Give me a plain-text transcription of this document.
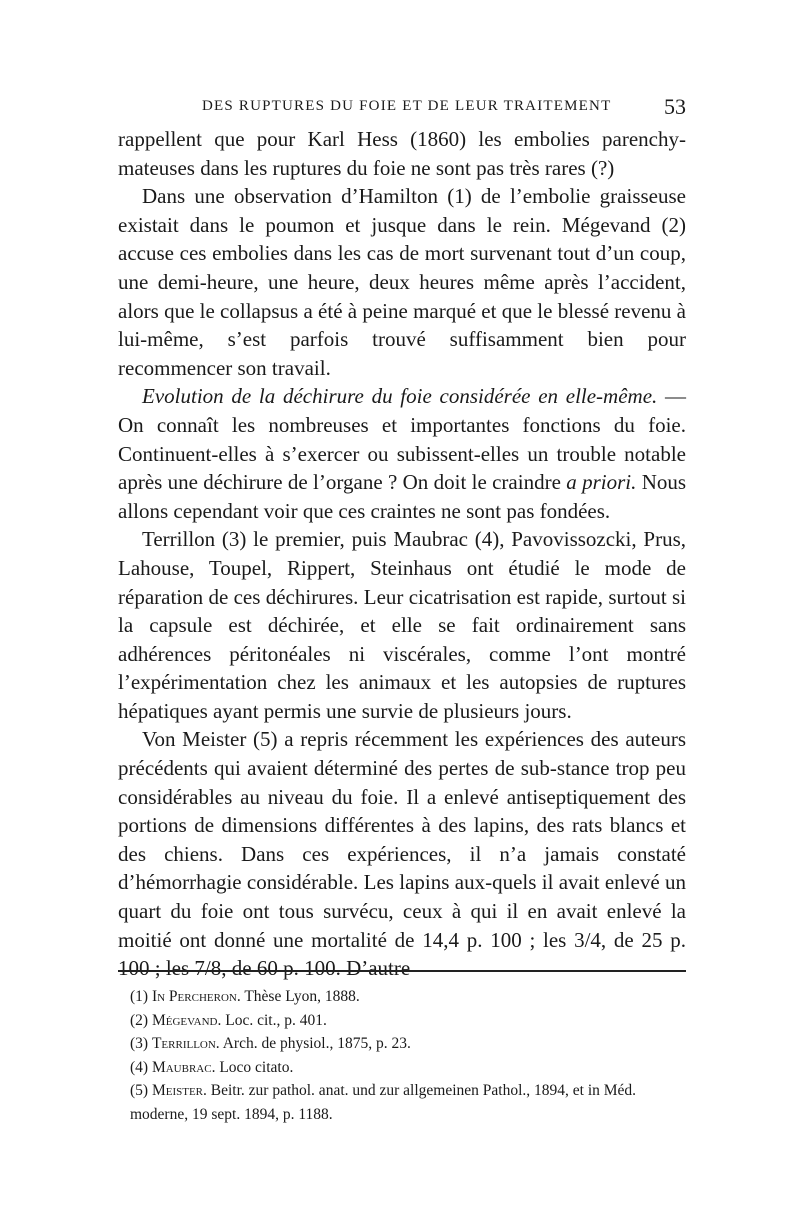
DES RUPTURES DU FOIE ET DE LEUR TRAITEMENT 53

rappellent que pour Karl Hess (1860) les embolies parenchy-mateuses dans les ruptures du foie ne sont pas très rares (?)

Dans une observation d’Hamilton (1) de l’embolie graisseuse existait dans le poumon et jusque dans le rein. Mégevand (2) accuse ces embolies dans les cas de mort survenant tout d’un coup, une demi-heure, une heure, deux heures même après l’accident, alors que le collapsus a été à peine marqué et que le blessé revenu à lui-même, s’est parfois trouvé suffisamment bien pour recommencer son travail.

Evolution de la déchirure du foie considérée en elle-même. — On connaît les nombreuses et importantes fonctions du foie. Continuent-elles à s’exercer ou subissent-elles un trouble notable après une déchirure de l’organe ? On doit le craindre a priori. Nous allons cependant voir que ces craintes ne sont pas fondées.

Terrillon (3) le premier, puis Maubrac (4), Pavovissozcki, Prus, Lahouse, Toupel, Rippert, Steinhaus ont étudié le mode de réparation de ces déchirures. Leur cicatrisation est rapide, surtout si la capsule est déchirée, et elle se fait ordinairement sans adhérences péritonéales ni viscérales, comme l’ont montré l’expérimentation chez les animaux et les autopsies de ruptures hépatiques ayant permis une survie de plusieurs jours.

Von Meister (5) a repris récemment les expériences des auteurs précédents qui avaient déterminé des pertes de sub-stance trop peu considérables au niveau du foie. Il a enlevé antiseptiquement des portions de dimensions différentes à des lapins, des rats blancs et des chiens. Dans ces expériences, il n’a jamais constaté d’hémorrhagie considérable. Les lapins aux-quels il avait enlevé un quart du foie ont tous survécu, ceux à qui il en avait enlevé la moitié ont donné une mortalité de 14,4 p. 100 ; les 3/4, de 25 p. 100 ; les 7/8, de 60 p. 100. D’autre

(1) In Percheron. Thèse Lyon, 1888.

(2) Mégevand. Loc. cit., p. 401.

(3) Terrillon. Arch. de physiol., 1875, p. 23.

(4) Maubrac. Loco citato.

(5) Meister. Beitr. zur pathol. anat. und zur allgemeinen Pathol., 1894, et in Méd. moderne, 19 sept. 1894, p. 1188.
